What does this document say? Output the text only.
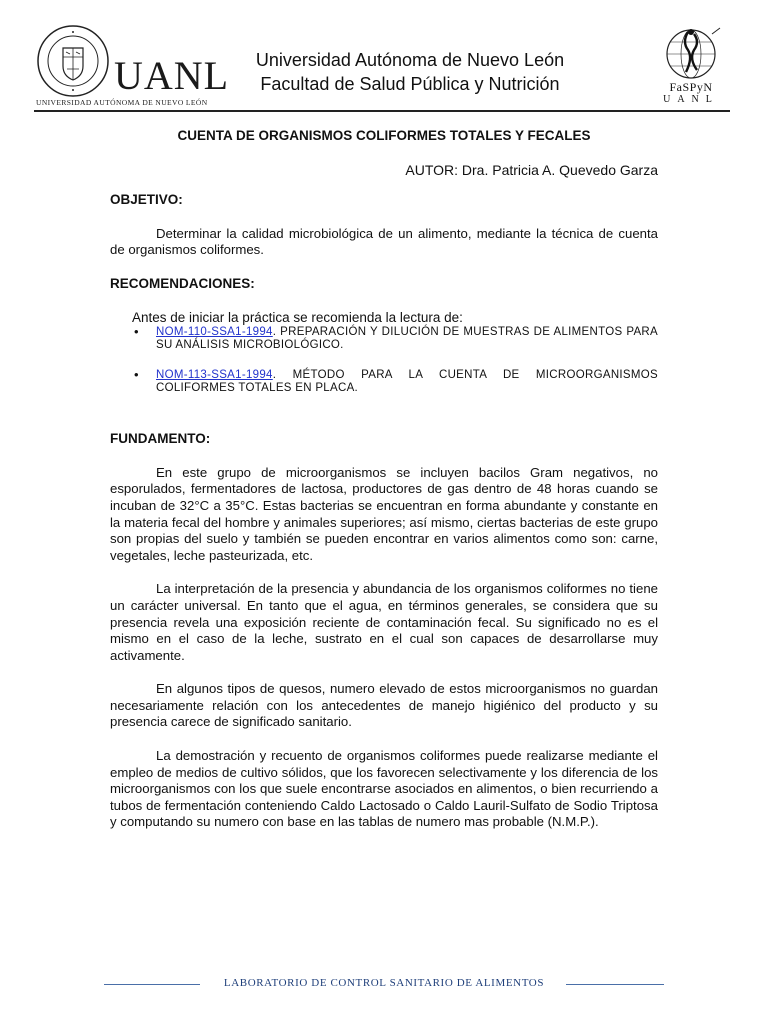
UANL
UNIVERSIDAD AUTÓNOMA DE NUEVO LEÓN
Universidad Autónoma de Nuevo León
Facultad de Salud Pública y Nutrición	FaSPyN
UANL
CUENTA DE ORGANISMOS COLIFORMES TOTALES Y FECALES
AUTOR: Dra. Patricia A. Quevedo Garza
OBJETIVO:
Determinar la calidad microbiológica de un alimento, mediante la técnica de cuenta de organismos coliformes.
RECOMENDACIONES:
Antes de iniciar la práctica se recomienda la lectura de:
• NOM-110-SSA1-1994. PREPARACIÓN Y DILUCIÓN DE MUESTRAS DE ALIMENTOS PARA SU ANÁLISIS MICROBIOLÓGICO.
• NOM-113-SSA1-1994. MÉTODO PARA LA CUENTA DE MICROORGANISMOS COLIFORMES TOTALES EN PLACA.
FUNDAMENTO:
En este grupo de microorganismos se incluyen bacilos Gram negativos, no esporulados, fermentadores de lactosa, productores de gas dentro de 48 horas cuando se incuban de 32°C a 35°C. Estas bacterias se encuentran en forma abundante y constante en la materia fecal del hombre y animales superiores; así mismo, ciertas bacterias de este grupo son propias del suelo y también se pueden encontrar en varios alimentos como son: carne, vegetales, leche pasteurizada, etc.
La interpretación de la presencia y abundancia de los organismos coliformes no tiene un carácter universal. En tanto que el agua, en términos generales, se considera que su presencia revela una exposición reciente de contaminación fecal. Su significado no es el mismo en el caso de la leche, sustrato en el cual son capaces de desarrollarse muy activamente.
En algunos tipos de quesos, numero elevado de estos microorganismos no guardan necesariamente relación con los antecedentes de manejo higiénico del producto y su presencia carece de significado sanitario.
La demostración y recuento de organismos coliformes puede realizarse mediante el empleo de medios de cultivo sólidos, que los favorecen selectivamente y los diferencia de los microorganismos con los que suele encontrarse asociados en alimentos, o bien recurriendo a tubos de fermentación conteniendo Caldo Lactosado o Caldo Lauril-Sulfato de Sodio Triptosa y computando su numero con base en las tablas de numero mas probable (N.M.P.).
LABORATORIO DE CONTROL SANITARIO DE ALIMENTOS
